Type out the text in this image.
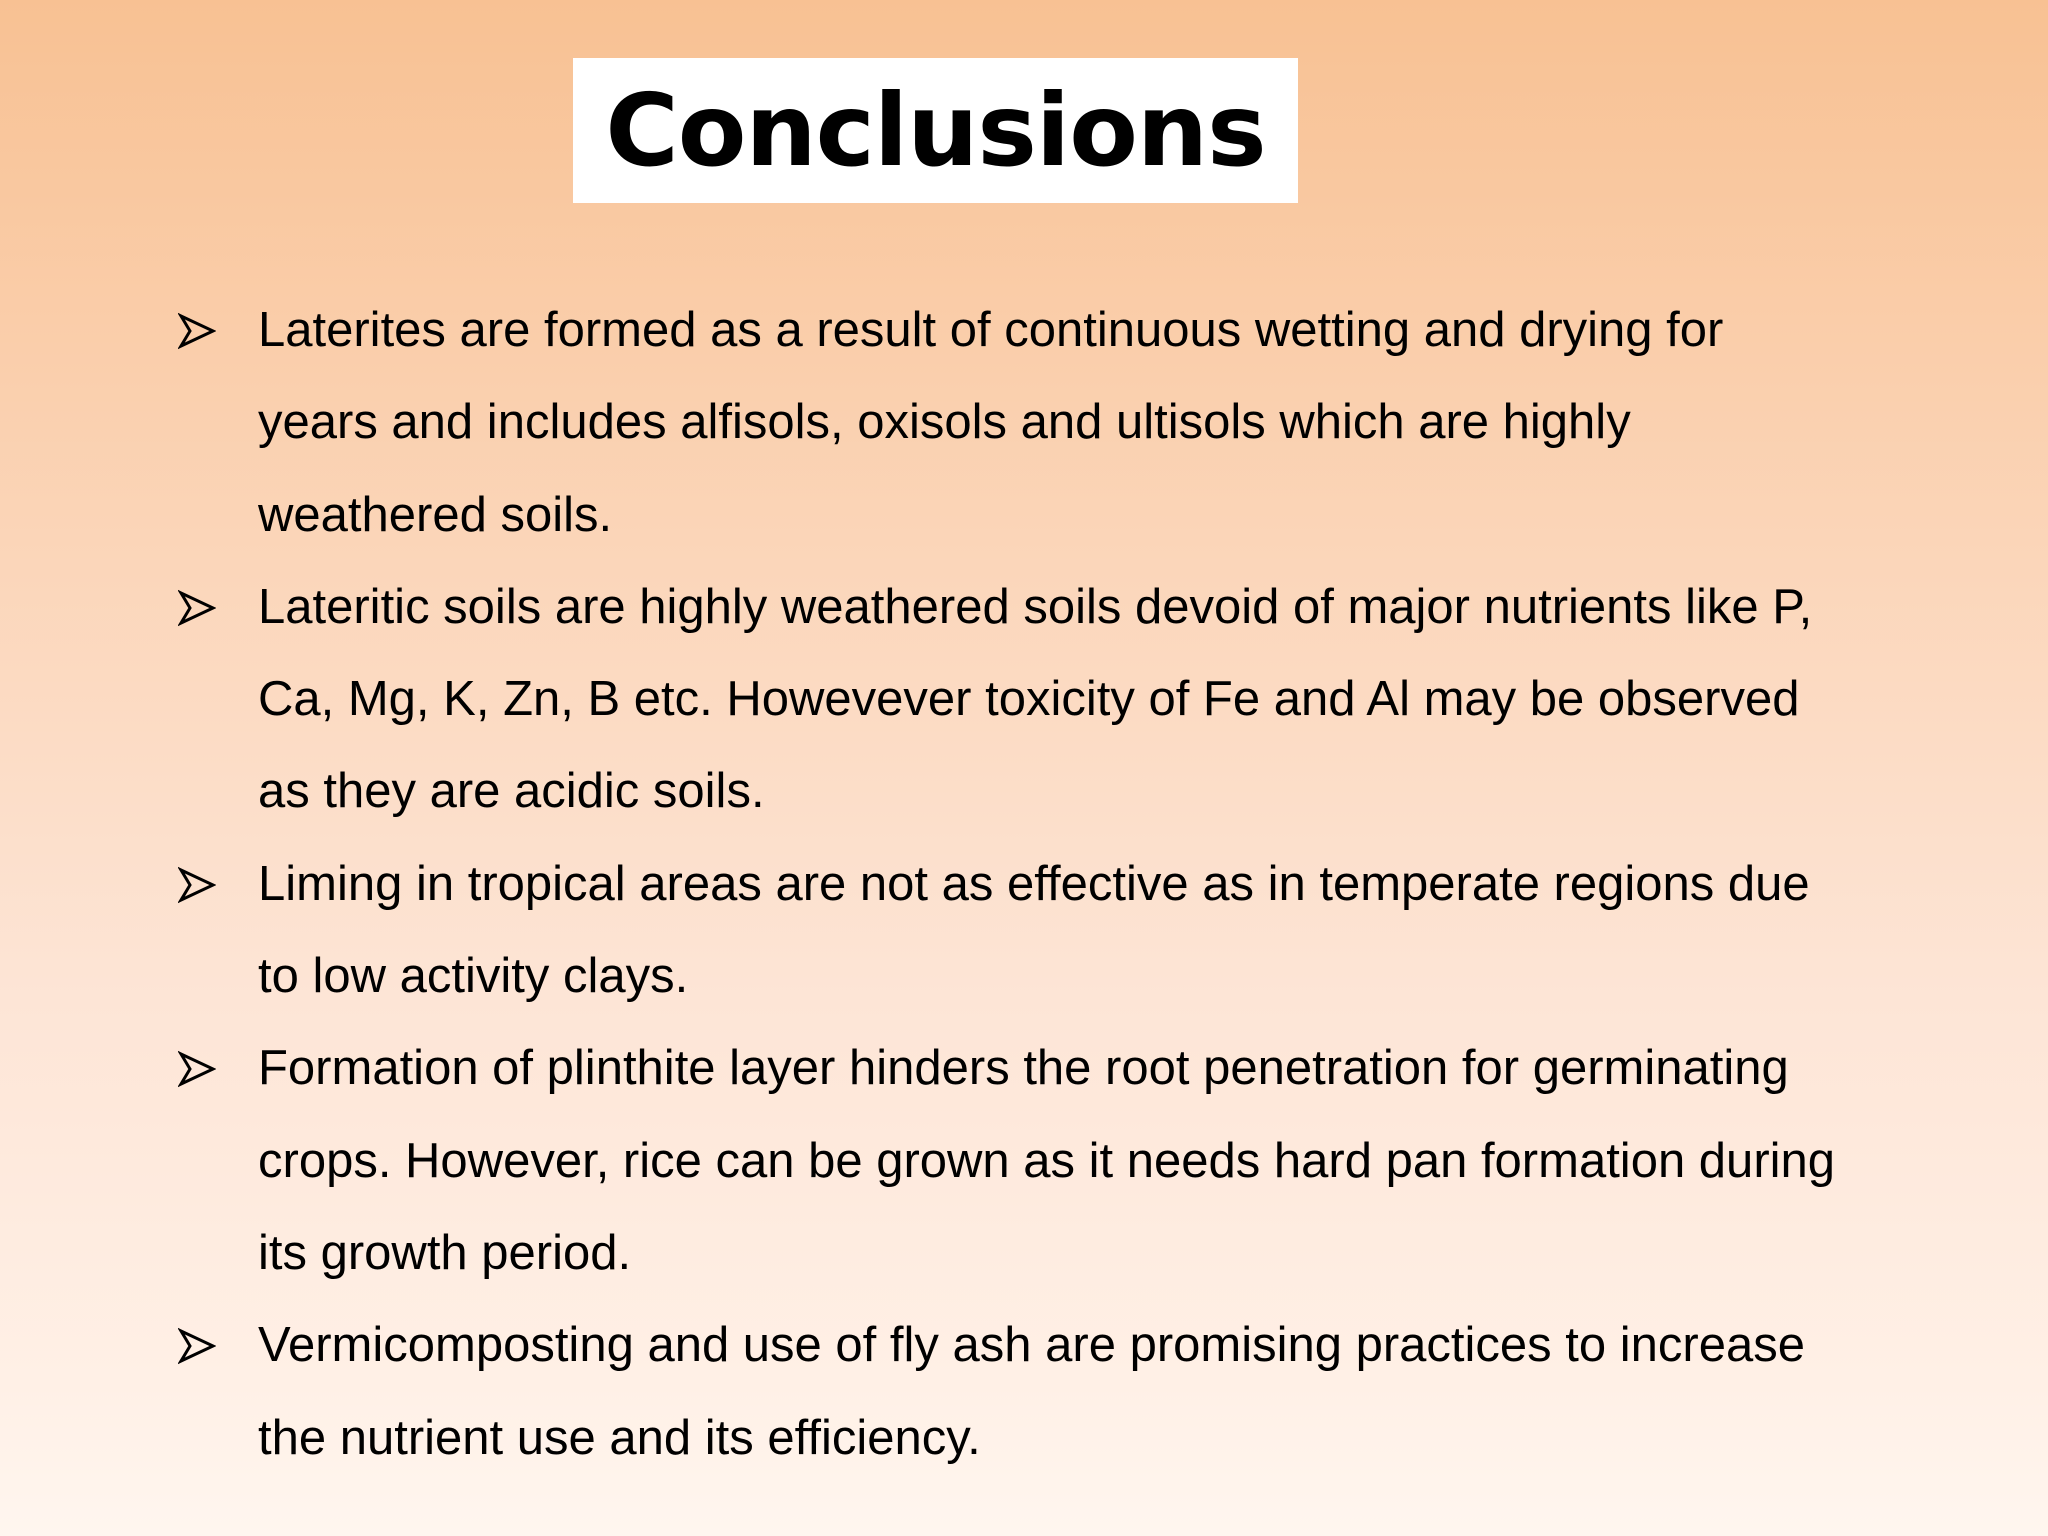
Conclusions
Laterites are formed as a result of continuous wetting and drying for
years and includes alfisols, oxisols and ultisols which are highly
weathered soils.
Lateritic soils are highly weathered soils devoid of major nutrients like P,
Ca, Mg, K, Zn, B etc. Howevever toxicity of Fe and Al may be observed
as they are acidic soils.
Liming in tropical areas are not as effective as in temperate regions due
to low activity clays.
Formation of plinthite layer hinders the root penetration for germinating
crops. However, rice can be grown as it needs hard pan formation during
its growth period.
Vermicomposting and use of fly ash are promising practices to increase
the nutrient use and its efficiency.
